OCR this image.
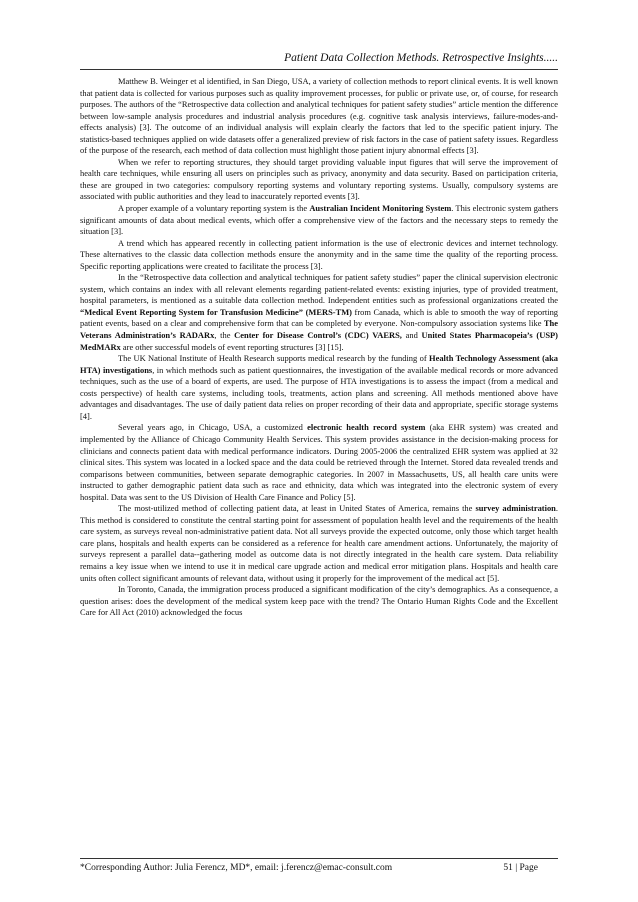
Patient Data Collection Methods. Retrospective Insights.....

Matthew B. Weinger et al identified, in San Diego, USA, a variety of collection methods to report clinical events. It is well known that patient data is collected for various purposes such as quality improvement processes, for public or private use, or, of course, for research purposes. The authors of the “Retrospective data collection and analytical techniques for patient safety studies” article mention the difference between low-sample analysis procedures and industrial analysis procedures (e.g. cognitive task analysis interviews, failure-modes-and-effects analysis) [3]. The outcome of an individual analysis will explain clearly the factors that led to the specific patient injury. The statistics-based techniques applied on wide datasets offer a generalized preview of risk factors in the case of patient safety issues. Regardless of the purpose of the research, each method of data collection must highlight those patient injury abnormal effects [3].

When we refer to reporting structures, they should target providing valuable input figures that will serve the improvement of health care techniques, while ensuring all users on principles such as privacy, anonymity and data security. Based on participation criteria, these are grouped in two categories: compulsory reporting systems and voluntary reporting systems. Usually, compulsory systems are associated with public authorities and they lead to inaccurately reported events [3].

A proper example of a voluntary reporting system is the Australian Incident Monitoring System. This electronic system gathers significant amounts of data about medical events, which offer a comprehensive view of the factors and the necessary steps to remedy the situation [3].

A trend which has appeared recently in collecting patient information is the use of electronic devices and internet technology. These alternatives to the classic data collection methods ensure the anonymity and in the same time the quality of the reporting process. Specific reporting applications were created to facilitate the process [3].

In the “Retrospective data collection and analytical techniques for patient safety studies” paper the clinical supervision electronic system, which contains an index with all relevant elements regarding patient-related events: existing injuries, type of provided treatment, hospital parameters, is mentioned as a suitable data collection method. Independent entities such as professional organizations created the “Medical Event Reporting System for Transfusion Medicine” (MERS-TM) from Canada, which is able to smooth the way of reporting patient events, based on a clear and comprehensive form that can be completed by everyone. Non-compulsory association systems like The Veterans Administration’s RADARx, the Center for Disease Control’s (CDC) VAERS, and United States Pharmacopeia’s (USP) MedMARx are other successful models of event reporting structures [3] [15].

The UK National Institute of Health Research supports medical research by the funding of Health Technology Assessment (aka HTA) investigations, in which methods such as patient questionnaires, the investigation of the available medical records or more advanced techniques, such as the use of a board of experts, are used. The purpose of HTA investigations is to assess the impact (from a medical and costs perspective) of health care systems, including tools, treatments, action plans and screening. All methods mentioned above have advantages and disadvantages. The use of daily patient data relies on proper recording of their data and appropriate, specific storage systems [4].

Several years ago, in Chicago, USA, a customized electronic health record system (aka EHR system) was created and implemented by the Alliance of Chicago Community Health Services. This system provides assistance in the decision-making process for clinicians and connects patient data with medical performance indicators. During 2005-2006 the centralized EHR system was applied at 32 clinical sites. This system was located in a locked space and the data could be retrieved through the Internet. Stored data revealed trends and comparisons between communities, between separate demographic categories. In 2007 in Massachusetts, US, all health care units were instructed to gather demographic patient data such as race and ethnicity, data which was integrated into the electronic system of every hospital. Data was sent to the US Division of Health Care Finance and Policy [5].

The most-utilized method of collecting patient data, at least in United States of America, remains the survey administration. This method is considered to constitute the central starting point for assessment of population health level and the requirements of the health care system, as surveys reveal non-administrative patient data. Not all surveys provide the expected outcome, only those which target health care plans, hospitals and health experts can be considered as a reference for health care amendment actions. Unfortunately, the majority of surveys represent a parallel data--gathering model as outcome data is not directly integrated in the health care system. Data reliability remains a key issue when we intend to use it in medical care upgrade action and medical error mitigation plans. Hospitals and health care units often collect significant amounts of relevant data, without using it properly for the improvement of the medical act [5].

In Toronto, Canada, the immigration process produced a significant modification of the city’s demographics. As a consequence, a question arises: does the development of the medical system keep pace with the trend? The Ontario Human Rights Code and the Excellent Care for All Act (2010) acknowledged the focus

*Corresponding Author: Julia Ferencz, MD*, email: j.ferencz@emac-consult.com	51 | Page
